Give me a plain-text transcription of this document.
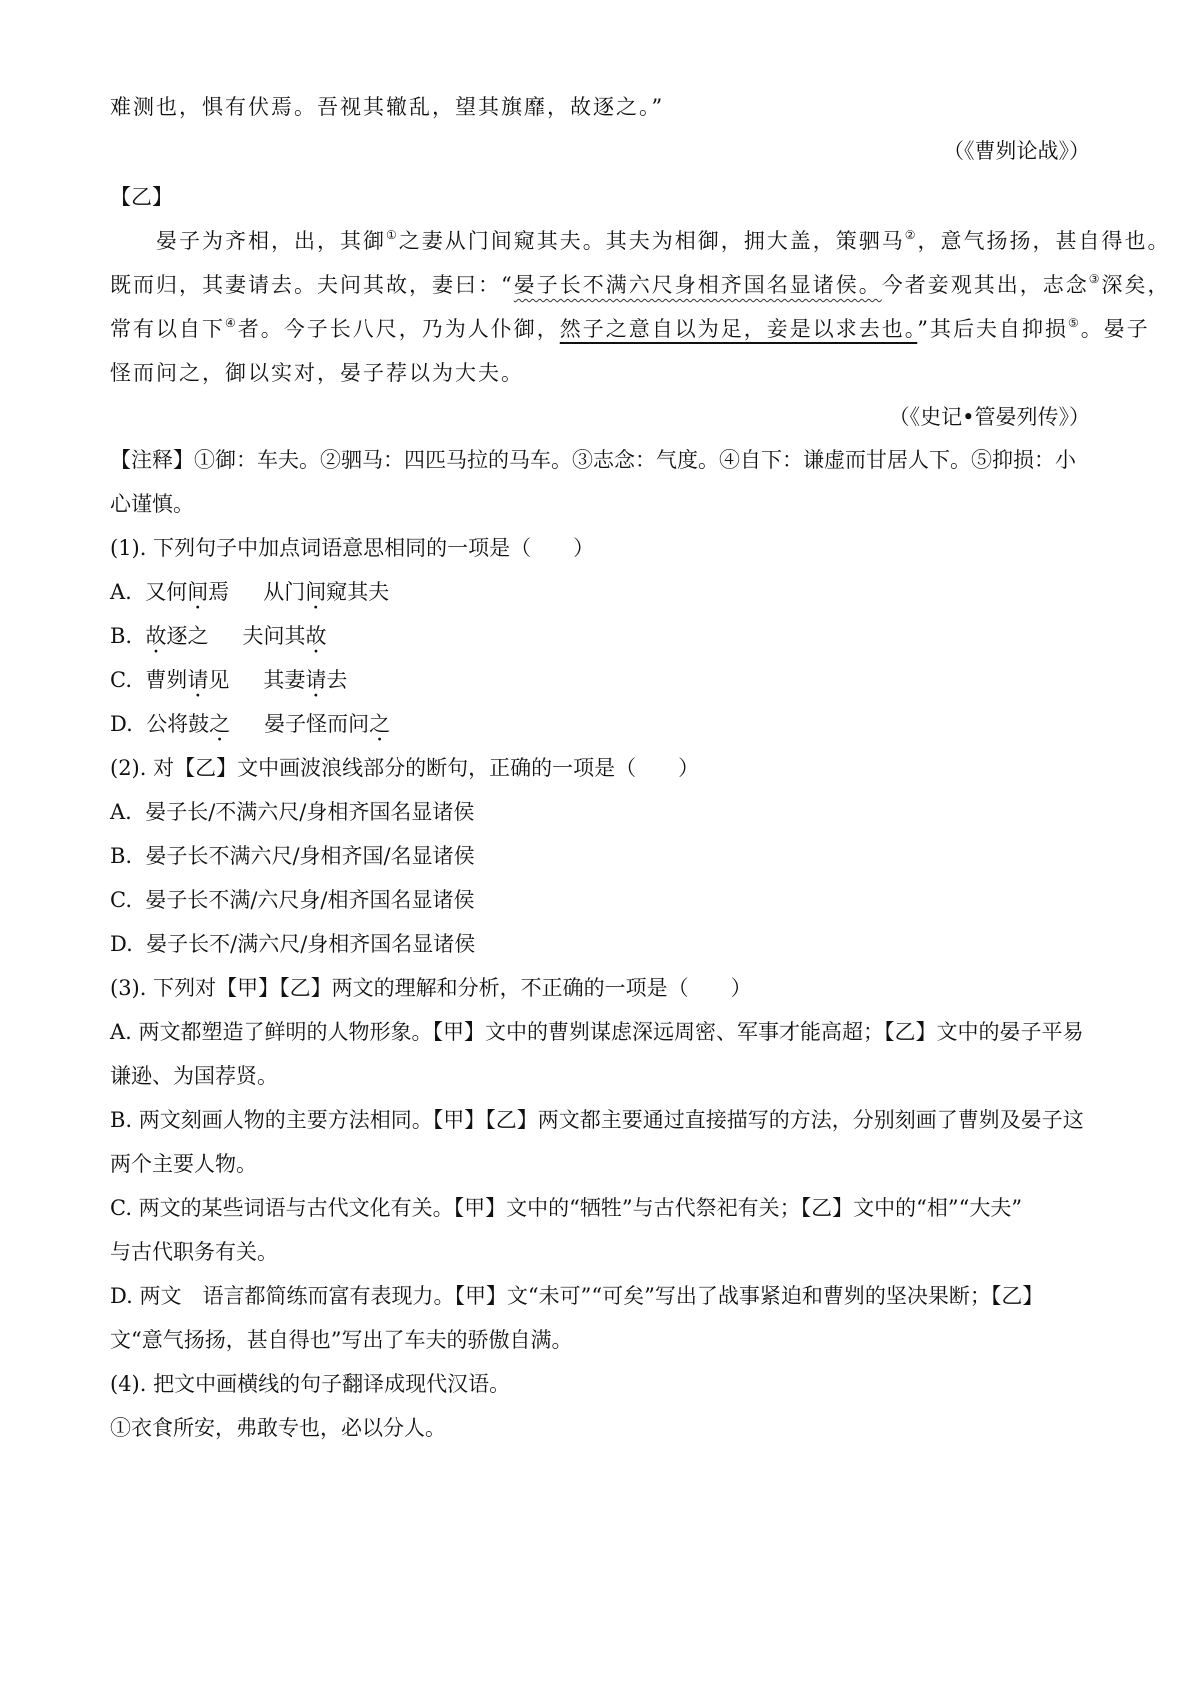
难测也，惧有伏焉。吾视其辙乱，望其旗靡，故逐之。”
（《曹刿论战》）
【乙】
晏子为齐相，出，其御①之妻从门间窥其夫。其夫为相御，拥大盖，策驷马②，意气扬扬，甚自得也。
既而归，其妻请去。夫问其故，妻曰：“晏子长不满六尺身相齐国名显诸侯。今者妾观其出，志念③深矣，
常有以自下④者。今子长八尺，乃为人仆御，然子之意自以为足，妾是以求去也。”其后夫自抑损⑤。晏子
怪而问之，御以实对，晏子荐以为大夫。
（《史记•管晏列传》）
【注释】①御：车夫。②驷马：四匹马拉的马车。③志念：气度。④自下：谦虚而甘居人下。⑤抑损：小
心谨慎。
(1). 下列句子中加点词语意思相同的一项是（　　）
A. 又何间焉 从门间窥其夫
B. 故逐之 夫问其故
C. 曹刿请见 其妻请去
D. 公将鼓之 晏子怪而问之
(2). 对【乙】文中画波浪线部分的断句，正确的一项是（　　）
A. 晏子长/不满六尺/身相齐国名显诸侯
B. 晏子长不满六尺/身相齐国/名显诸侯
C. 晏子长不满/六尺身/相齐国名显诸侯
D. 晏子长不/满六尺/身相齐国名显诸侯
(3). 下列对【甲】【乙】两文的理解和分析，不正确的一项是（　　）
A. 两文都塑造了鲜明的人物形象。【甲】文中的曹刿谋虑深远周密、军事才能高超；【乙】文中的晏子平易
谦逊、为国荐贤。
B. 两文刻画人物的主要方法相同。【甲】【乙】两文都主要通过直接描写的方法，分别刻画了曹刿及晏子这
两个主要人物。
C. 两文的某些词语与古代文化有关。【甲】文中的“牺牲”与古代祭祀有关；【乙】文中的“相”“大夫”
与古代职务有关。
D. 两文　语言都简练而富有表现力。【甲】文“未可”“可矣”写出了战事紧迫和曹刿的坚决果断；【乙】
文“意气扬扬，甚自得也”写出了车夫的骄傲自满。
(4). 把文中画横线的句子翻译成现代汉语。
①衣食所安，弗敢专也，必以分人。
